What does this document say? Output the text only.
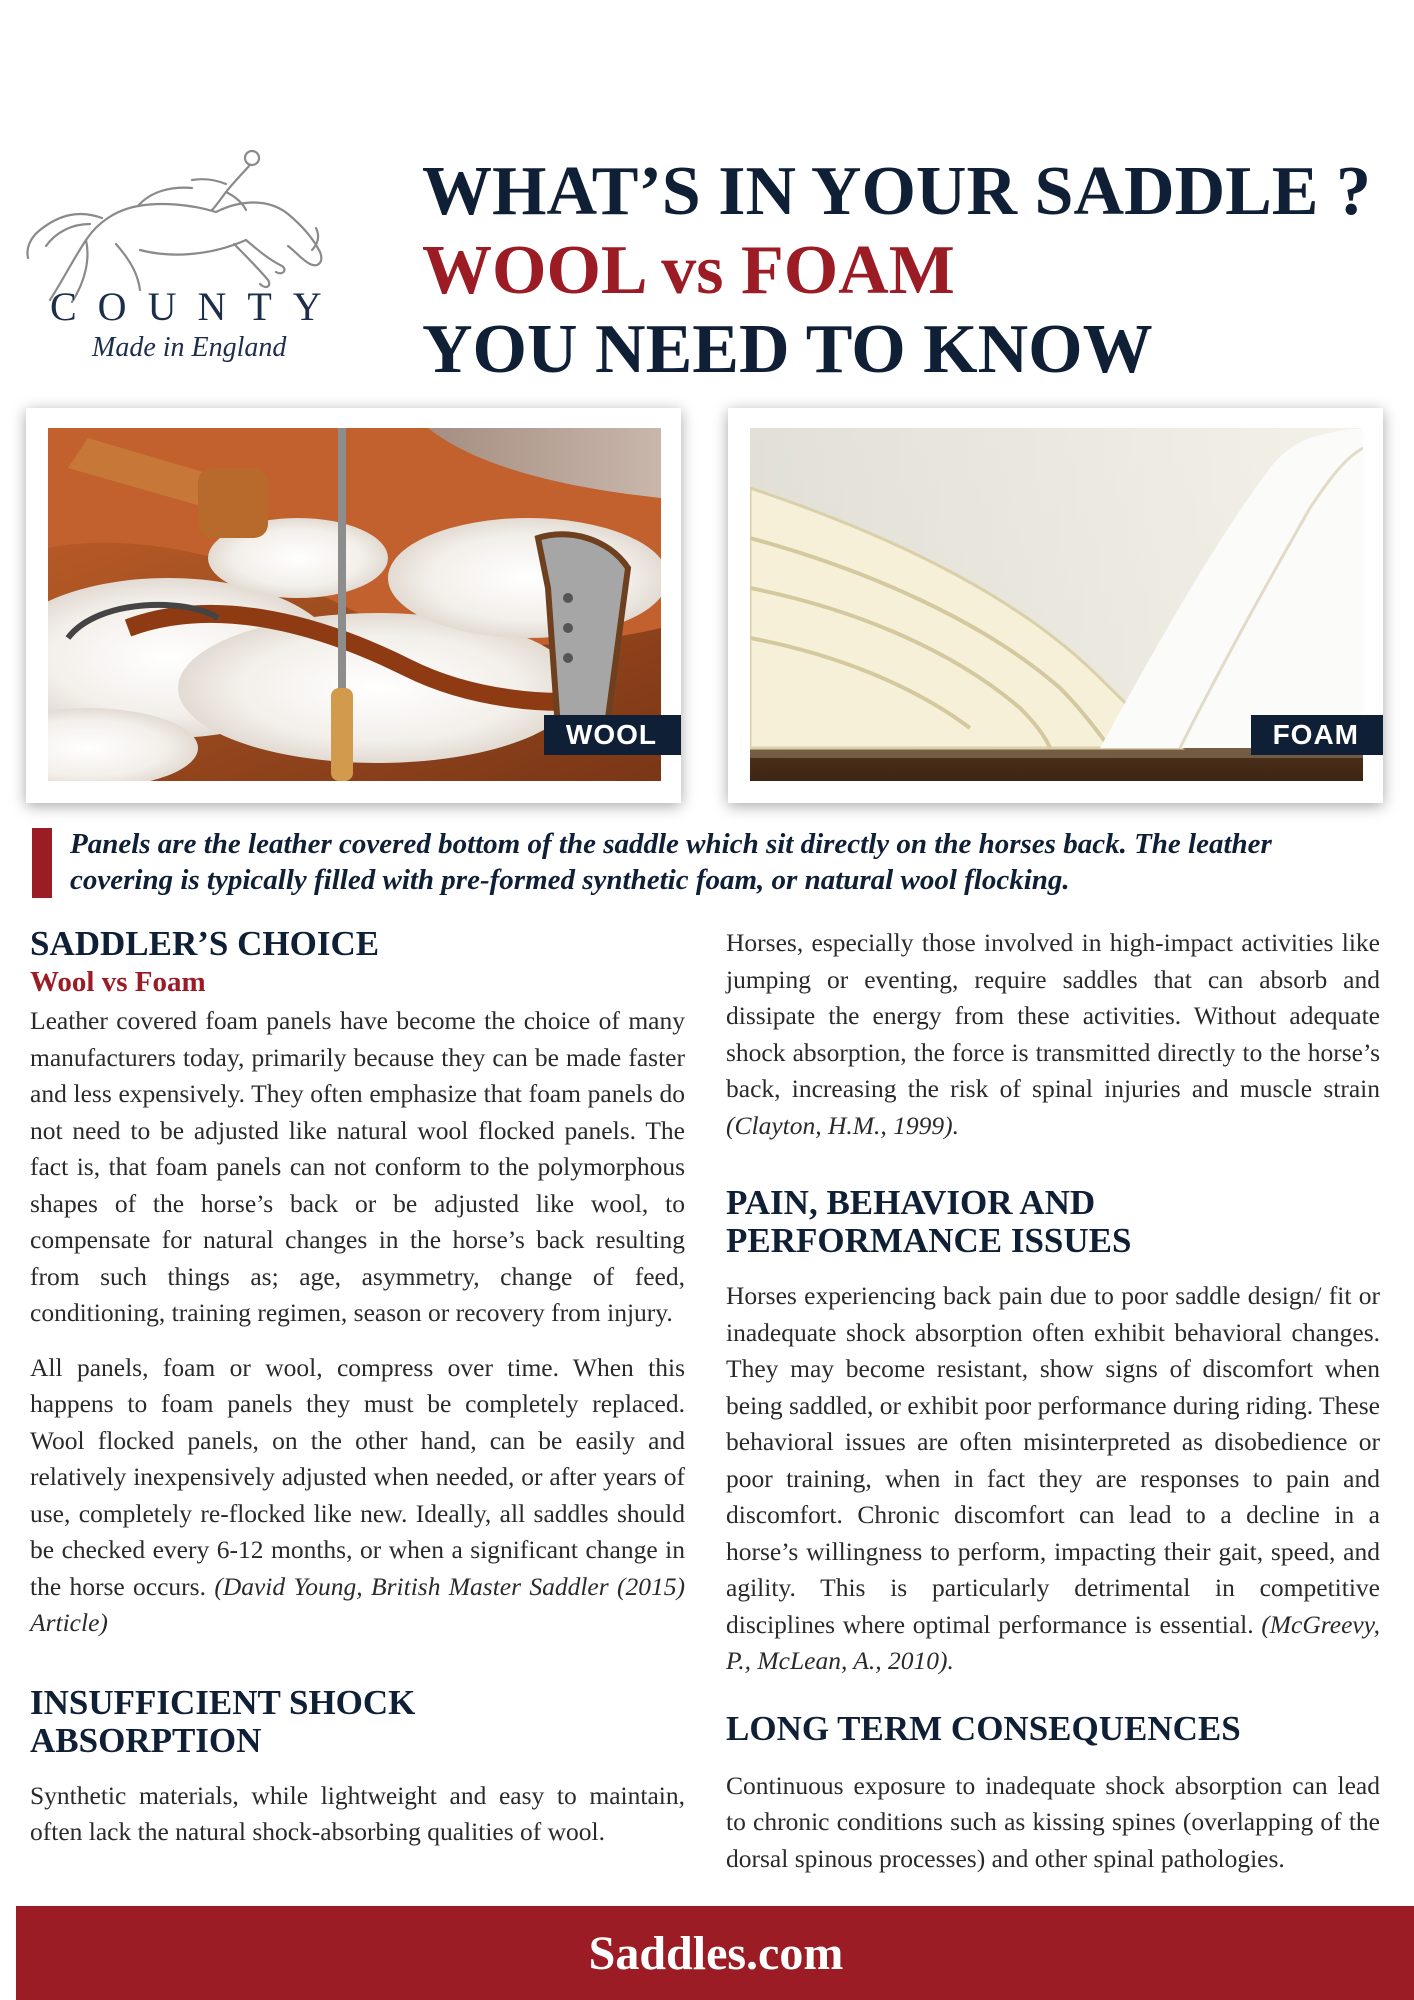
COUNTY
Made in England
WHAT’S IN YOUR SADDLE ?
WOOL vs FOAM
YOU NEED TO KNOW
WOOL	FOAM
Panels are the leather covered bottom of the saddle which sit directly on the horses back. The leather covering is typically filled with pre-formed synthetic foam, or natural wool flocking.
SADDLER’S CHOICE
Wool vs Foam

Leather covered foam panels have become the choice of many manufacturers today, primarily because they can be made faster and less expensively. They often emphasize that foam panels do not need to be adjusted like natural wool flocked panels. The fact is, that foam panels can not conform to the polymorphous shapes of the horse’s back or be adjusted like wool, to compensate for natural changes in the horse’s back resulting from such things as; age, asymmetry, change of feed, conditioning, training regimen, season or recovery from injury.

All panels, foam or wool, compress over time. When this happens to foam panels they must be completely replaced. Wool flocked panels, on the other hand, can be easily and relatively inexpensively adjusted when needed, or after years of use, completely re-flocked like new. Ideally, all saddles should be checked every 6-12 months, or when a significant change in the horse occurs. (David Young, British Master Saddler (2015) Article)

INSUFFICIENT SHOCK
ABSORPTION

Synthetic materials, while lightweight and easy to maintain, often lack the natural shock-absorbing qualities of wool.

Horses, especially those involved in high-impact activities like jumping or eventing, require saddles that can absorb and dissipate the energy from these activities. Without adequate shock absorption, the force is transmitted directly to the horse’s back, increasing the risk of spinal injuries and muscle strain (Clayton, H.M., 1999).

PAIN, BEHAVIOR AND
PERFORMANCE ISSUES

Horses experiencing back pain due to poor saddle design/ fit or inadequate shock absorption often exhibit behavioral changes. They may become resistant, show signs of discomfort when being saddled, or exhibit poor performance during riding. These behavioral issues are often misinterpreted as disobedience or poor training, when in fact they are responses to pain and discomfort. Chronic discomfort can lead to a decline in a horse’s willingness to perform, impacting their gait, speed, and agility. This is particularly detrimental in competitive disciplines where optimal performance is essential. (McGreevy, P., McLean, A., 2010).

LONG TERM CONSEQUENCES

Continuous exposure to inadequate shock absorption can lead to chronic conditions such as kissing spines (overlapping of the dorsal spinous processes) and other spinal pathologies.

Saddles.com
